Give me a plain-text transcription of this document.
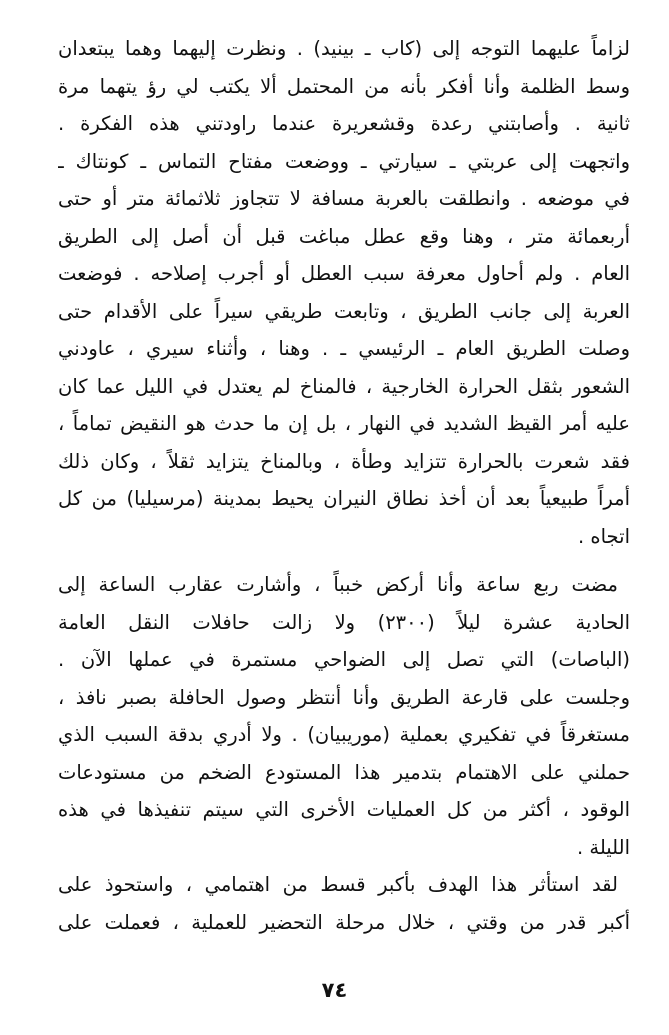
لزاماً عليهما التوجه إلى (كاب ـ بينيد) . ونظرت إليهما وهما يبتعدان
وسط الظلمة وأنا أفكر بأنه من المحتمل ألا يكتب لي رؤ يتهما مرة
ثانية . وأصابتني رعدة وقشعريرة عندما راودتني هذه الفكرة .
واتجهت إلى عربتي ـ سيارتي ـ ووضعت مفتاح التماس ـ كونتاك ـ
في موضعه . وانطلقت بالعربة مسافة لا تتجاوز ثلاثمائة متر أو حتى
أربعمائة متر ، وهنا وقع عطل مباغت قبل أن أصل إلى الطريق
العام . ولم أحاول معرفة سبب العطل أو أجرب إصلاحه . فوضعت
العربة إلى جانب الطريق ، وتابعت طريقي سيراً على الأقدام حتى
وصلت الطريق العام ـ الرئيسي ـ . وهنا ، وأثناء سيري ، عاودني
الشعور بثقل الحرارة الخارجية ، فالمناخ لم يعتدل في الليل عما كان
عليه أمر القيظ الشديد في النهار ، بل إن ما حدث هو النقيض تماماً ،
فقد شعرت بالحرارة تتزايد وطأة ، وبالمناخ يتزايد ثقلاً ، وكان ذلك
أمراً طبيعياً بعد أن أخذ نطاق النيران يحيط بمدينة (مرسيليا) من كل
اتجاه .
مضت ربع ساعة وأنا أركض خبباً ، وأشارت عقارب الساعة إلى
الحادية عشرة ليلاً (٢٣٠٠) ولا زالت حافلات النقل العامة
(الباصات) التي تصل إلى الضواحي مستمرة في عملها الآن .
وجلست على قارعة الطريق وأنا أنتظر وصول الحافلة بصبر نافذ ،
مستغرقاً في تفكيري بعملية (موريبيان) . ولا أدري بدقة السبب الذي
حملني على الاهتمام بتدمير هذا المستودع الضخم من مستودعات
الوقود ، أكثر من كل العمليات الأخرى التي سيتم تنفيذها في هذه
الليلة .
لقد استأثر هذا الهدف بأكبر قسط من اهتمامي ، واستحوذ على
أكبر قدر من وقتي ، خلال مرحلة التحضير للعملية ، فعملت على
٧٤
